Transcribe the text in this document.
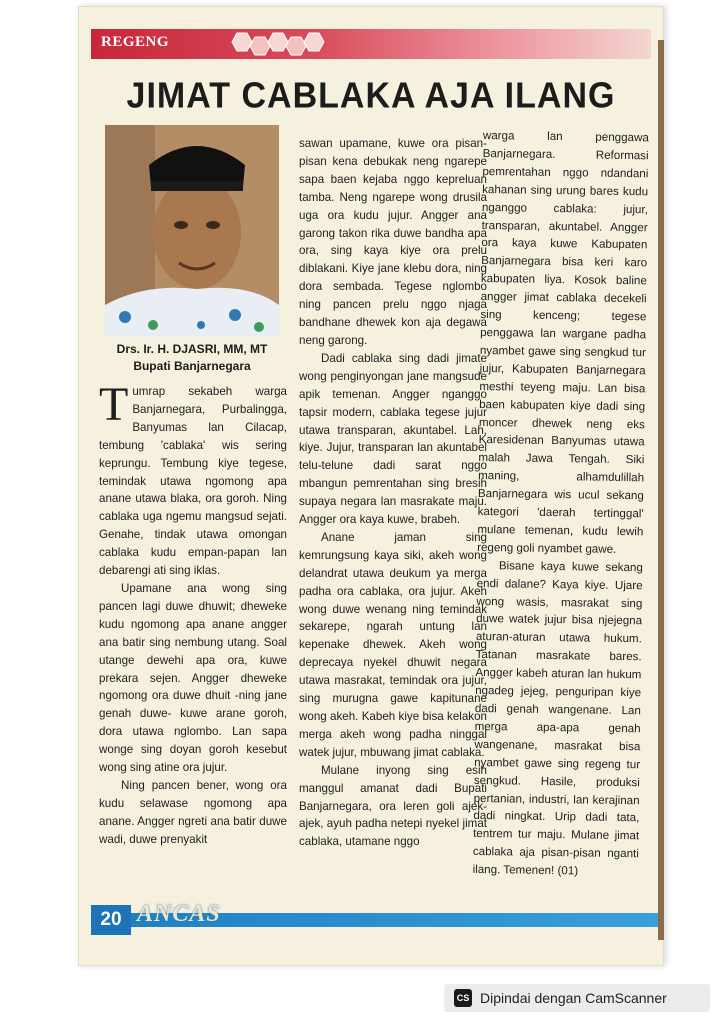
REGENG
JIMAT CABLAKA AJA ILANG
Drs. Ir. H. DJASRI, MM, MT
Bupati Banjarnegara
T umrap sekabeh warga Banjarnegara, Purbalingga, Banyumas lan Cilacap, tembung 'cablaka' wis sering keprungu. Tembung kiye tegese, temindak utawa ngomong apa anane utawa blaka, ora goroh. Ning cablaka uga ngemu mangsud sejati. Genahe, tindak utawa omongan cablaka kudu empan-papan lan debarengi ati sing iklas.

Upamane ana wong sing pancen lagi duwe dhuwit; dheweke kudu ngomong apa anane angger ana batir sing nembung utang. Soal utange dewehi apa ora, kuwe prekara sejen. Angger dheweke ngomong ora duwe dhuit -ning jane genah duwe- kuwe arane goroh, dora utawa nglombo. Lan sapa wonge sing doyan goroh kesebut wong sing atine ora jujur.

Ning pancen bener, wong ora kudu selawase ngomong apa anane. Angger ngreti ana batir duwe wadi, duwe prenyakit

sawan upamane, kuwe ora pisan-pisan kena debukak neng ngarepe sapa baen kejaba nggo kepreluan tamba. Neng ngarepe wong drusila uga ora kudu jujur. Angger ana garong takon rika duwe bandha apa ora, sing kaya kiye ora prelu diblakani. Kiye jane klebu dora, ning dora sembada. Tegese nglombo ning pancen prelu nggo njaga bandhane dhewek kon aja degawa neng garong.

Dadi cablaka sing dadi jimate wong penginyongan jane mangsude apik temenan. Angger nganggo tapsir modern, cablaka tegese jujur utawa transparan, akuntabel. Lah, kiye. Jujur, transparan lan akuntabel telu-telune dadi sarat nggo mbangun pemrentahan sing bresih supaya negara lan masrakate maju. Angger ora kaya kuwe, brabeh.

Anane jaman sing kemrungsung kaya siki, akeh wong delandrat utawa deukum ya merga padha ora cablaka, ora jujur. Akeh wong duwe wenang ning temindak sekarepe, ngarah untung lan kepenake dhewek. Akeh wong deprecaya nyekel dhuwit negara utawa masrakat, temindak ora jujur, sing murugna gawe kapitunane wong akeh. Kabeh kiye bisa kelakon merga akeh wong padha ninggal watek jujur, mbuwang jimat cablaka.

Mulane inyong sing esih manggul amanat dadi Bupati Banjarnegara, ora leren goli ajek-ajek, ayuh padha netepi nyekel jimat cablaka, utamane nggo

warga lan penggawa Banjarnegara. Reformasi pemrentahan nggo ndandani kahanan sing urung bares kudu nganggo cablaka: jujur, transparan, akuntabel. Angger ora kaya kuwe Kabupaten Banjarnegara bisa keri karo kabupaten liya. Kosok baline angger jimat cablaka decekeli sing kenceng; tegese penggawa lan wargane padha nyambet gawe sing sengkud tur jujur, Kabupaten Banjarnegara mesthi teyeng maju. Lan bisa baen kabupaten kiye dadi sing moncer dhewek neng eks Karesidenan Banyumas utawa malah Jawa Tengah. Siki maning, alhamdulillah Banjarnegara wis ucul sekang kategori 'daerah tertinggal' mulane temenan, kudu lewih regeng goli nyambet gawe.

Bisane kaya kuwe sekang endi dalane? Kaya kiye. Ujare wong wasis, masrakat sing duwe watek jujur bisa njejegna aturan-aturan utawa hukum. Tatanan masrakate bares. Angger kabeh aturan lan hukum ngadeg jejeg, penguripan kiye dadi genah wangenane. Lan merga apa-apa genah wangenane, masrakat bisa nyambet gawe sing regeng tur sengkud. Hasile, produksi pertanian, industri, lan kerajinan dadi ningkat. Urip dadi tata, tentrem tur maju. Mulane jimat cablaka aja pisan-pisan nganti ilang. Temenen! (01)

20 ANCAS
CS Dipindai dengan CamScanner
